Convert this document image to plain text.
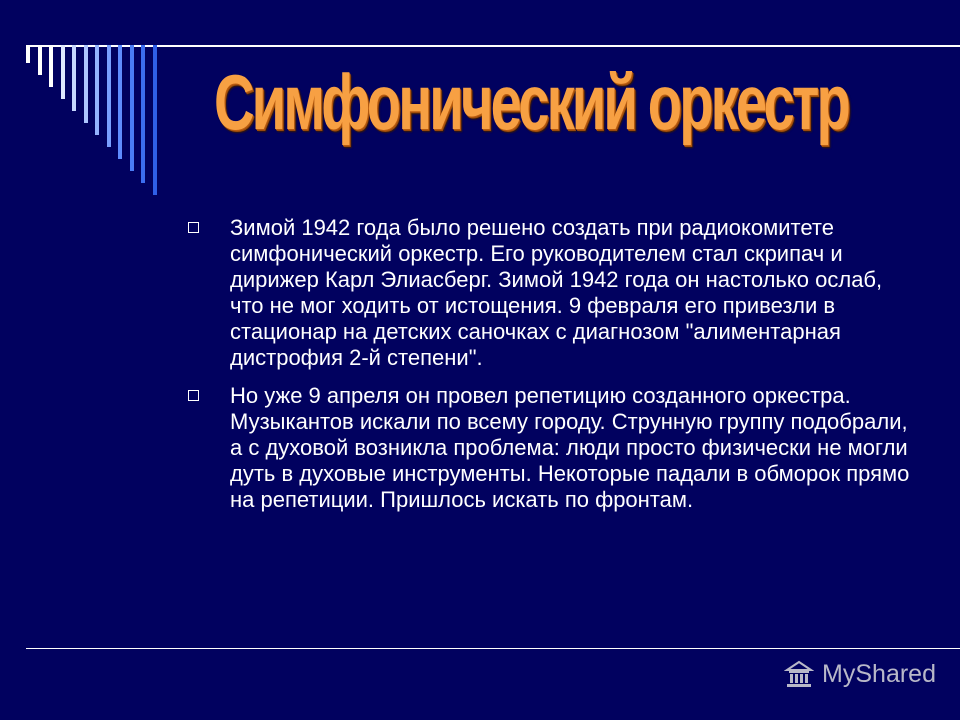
Симфонический оркестр
Зимой 1942 года было решено создать при радиокомитете симфонический оркестр. Его руководителем стал скрипач и дирижер Карл Элиасберг. Зимой 1942 года он настолько ослаб, что не мог ходить от истощения. 9 февраля его привезли в стационар на детских саночках с диагнозом "алиментарная дистрофия 2-й степени".
Но уже 9 апреля он провел репетицию созданного оркестра. Музыкантов искали по всему городу. Струнную группу подобрали, а с духовой возникла проблема: люди просто физически не могли дуть в духовые инструменты. Некоторые падали в обморок прямо на репетиции. Пришлось искать по фронтам.
MyShared
